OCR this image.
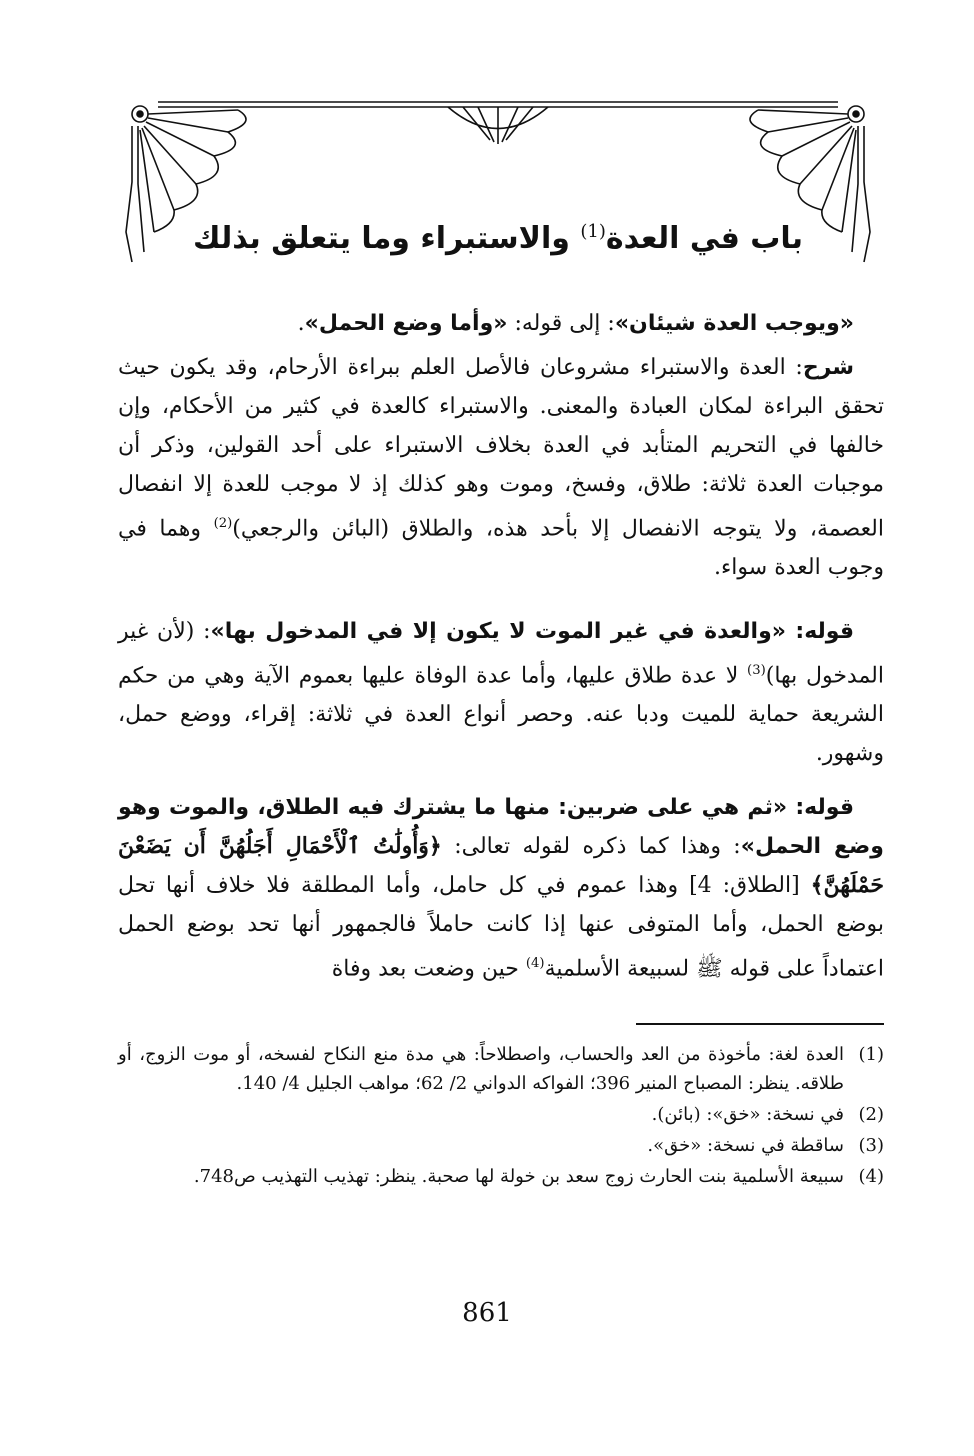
باب في العدة$^{(1)}$ والاستبراء وما يتعلق بذلك
«ويوجب العدة شيئان»: إلى قوله: «وأما وضع الحمل».
شرح: العدة والاستبراء مشروعان فالأصل العلم ببراءة الأرحام، وقد يكون حيث تحقق البراءة لمكان العبادة والمعنى. والاستبراء كالعدة في كثير من الأحكام، وإن خالفها في التحريم المتأبد في العدة بخلاف الاستبراء على أحد القولين، وذكر أن موجبات العدة ثلاثة: طلاق، وفسخ، وموت وهو كذلك إذ لا موجب للعدة إلا انفصال العصمة، ولا يتوجه الانفصال إلا بأحد هذه، والطلاق (البائن والرجعي)$^{(2)}$ وهما في وجوب العدة سواء.
قوله: «والعدة في غير الموت لا يكون إلا في المدخول بها»: (لأن غير المدخول بها)$^{(3)}$ لا عدة طلاق عليها، وأما عدة الوفاة عليها بعموم الآية وهي من حكم الشريعة حماية للميت ودبا عنه. وحصر أنواع العدة في ثلاثة: إقراء، ووضع حمل، وشهور.
قوله: «ثم هي على ضربين: منها ما يشترك فيه الطلاق، والموت وهو وضع الحمل»: وهذا كما ذكره لقوله تعالى: ﴿وَأُولَٰتُ ٱلْأَحْمَالِ أَجَلُهُنَّ أَن يَضَعْنَ حَمْلَهُنَّ﴾ [الطلاق: 4] وهذا عموم في كل حامل، وأما المطلقة فلا خلاف أنها تحل بوضع الحمل، وأما المتوفى عنها إذا كانت حاملاً فالجمهور أنها تحد بوضع الحمل اعتماداً على قوله ﷺ لسبيعة الأسلمية$^{(4)}$ حين وضعت بعد وفاة
(1)
العدة لغة: مأخوذة من العد والحساب، واصطلاحاً: هي مدة منع النكاح لفسخه، أو موت الزوج، أو طلاقه. ينظر: المصباح المنير 396؛ الفواكه الدواني 2/ 62؛ مواهب الجليل 4/ 140.
(2)
في نسخة: «خق»: (بائن).
(3)
ساقطة في نسخة: «خق».
(4)
سبيعة الأسلمية بنت الحارث زوج سعد بن خولة لها صحبة. ينظر: تهذيب التهذيب ص748.
861
